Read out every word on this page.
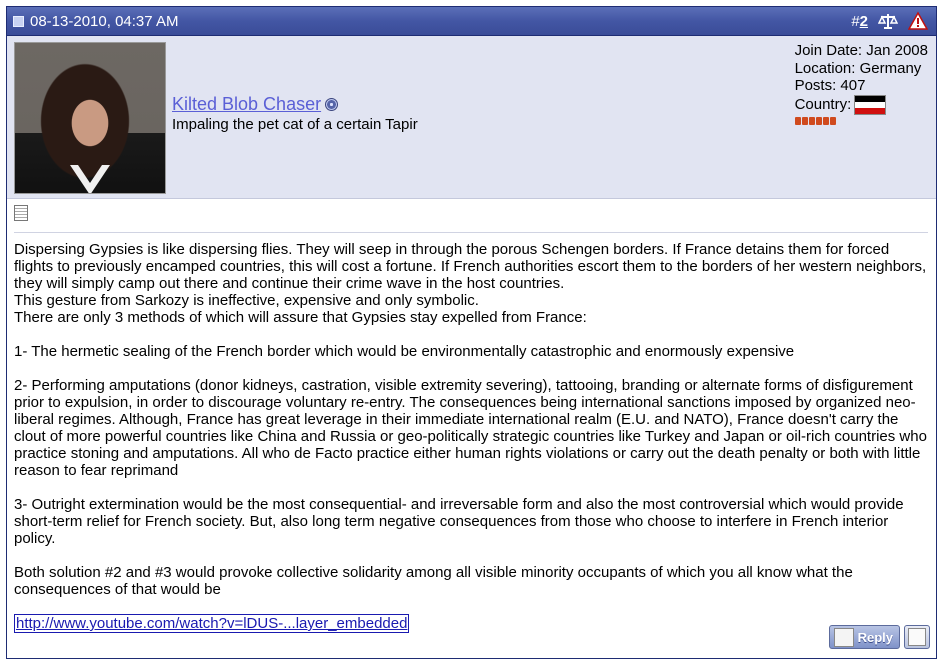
08-13-2010, 04:37 AM	#2
Kilted Blob Chaser
Impaling the pet cat of a certain Tapir
Join Date: Jan 2008
Location: Germany
Posts: 407
Country:

Dispersing Gypsies is like dispersing flies. They will seep in through the porous Schengen borders. If France detains them for forced flights to previously encamped countries, this will cost a fortune. If French authorities escort them to the borders of her western neighbors, they will simply camp out there and continue their crime wave in the host countries.

This gesture from Sarkozy is ineffective, expensive and only symbolic.

There are only 3 methods of which will assure that Gypsies stay expelled from France:

1- The hermetic sealing of the French border which would be environmentally catastrophic and enormously expensive

2- Performing amputations (donor kidneys, castration, visible extremity severing), tattooing, branding or alternate forms of disfigurement prior to expulsion, in order to discourage voluntary re-entry. The consequences being international sanctions imposed by organized neo-liberal regimes. Although, France has great leverage in their immediate international realm (E.U. and NATO), France doesn't carry the clout of more powerful countries like China and Russia or geo-politically strategic countries like Turkey and Japan or oil-rich countries who practice stoning and amputations. All who de Facto practice either human rights violations or carry out the death penalty or both with little reason to fear reprimand

3- Outright extermination would be the most consequential- and irreversable form and also the most controversial which would provide short-term relief for French society. But, also long term negative consequences from those who choose to interfere in French interior policy.

Both solution #2 and #3 would provoke collective solidarity among all visible minority occupants of which you all know what the consequences of that would be

http://www.youtube.com/watch?v=lDUS-...layer_embedded

Reply
